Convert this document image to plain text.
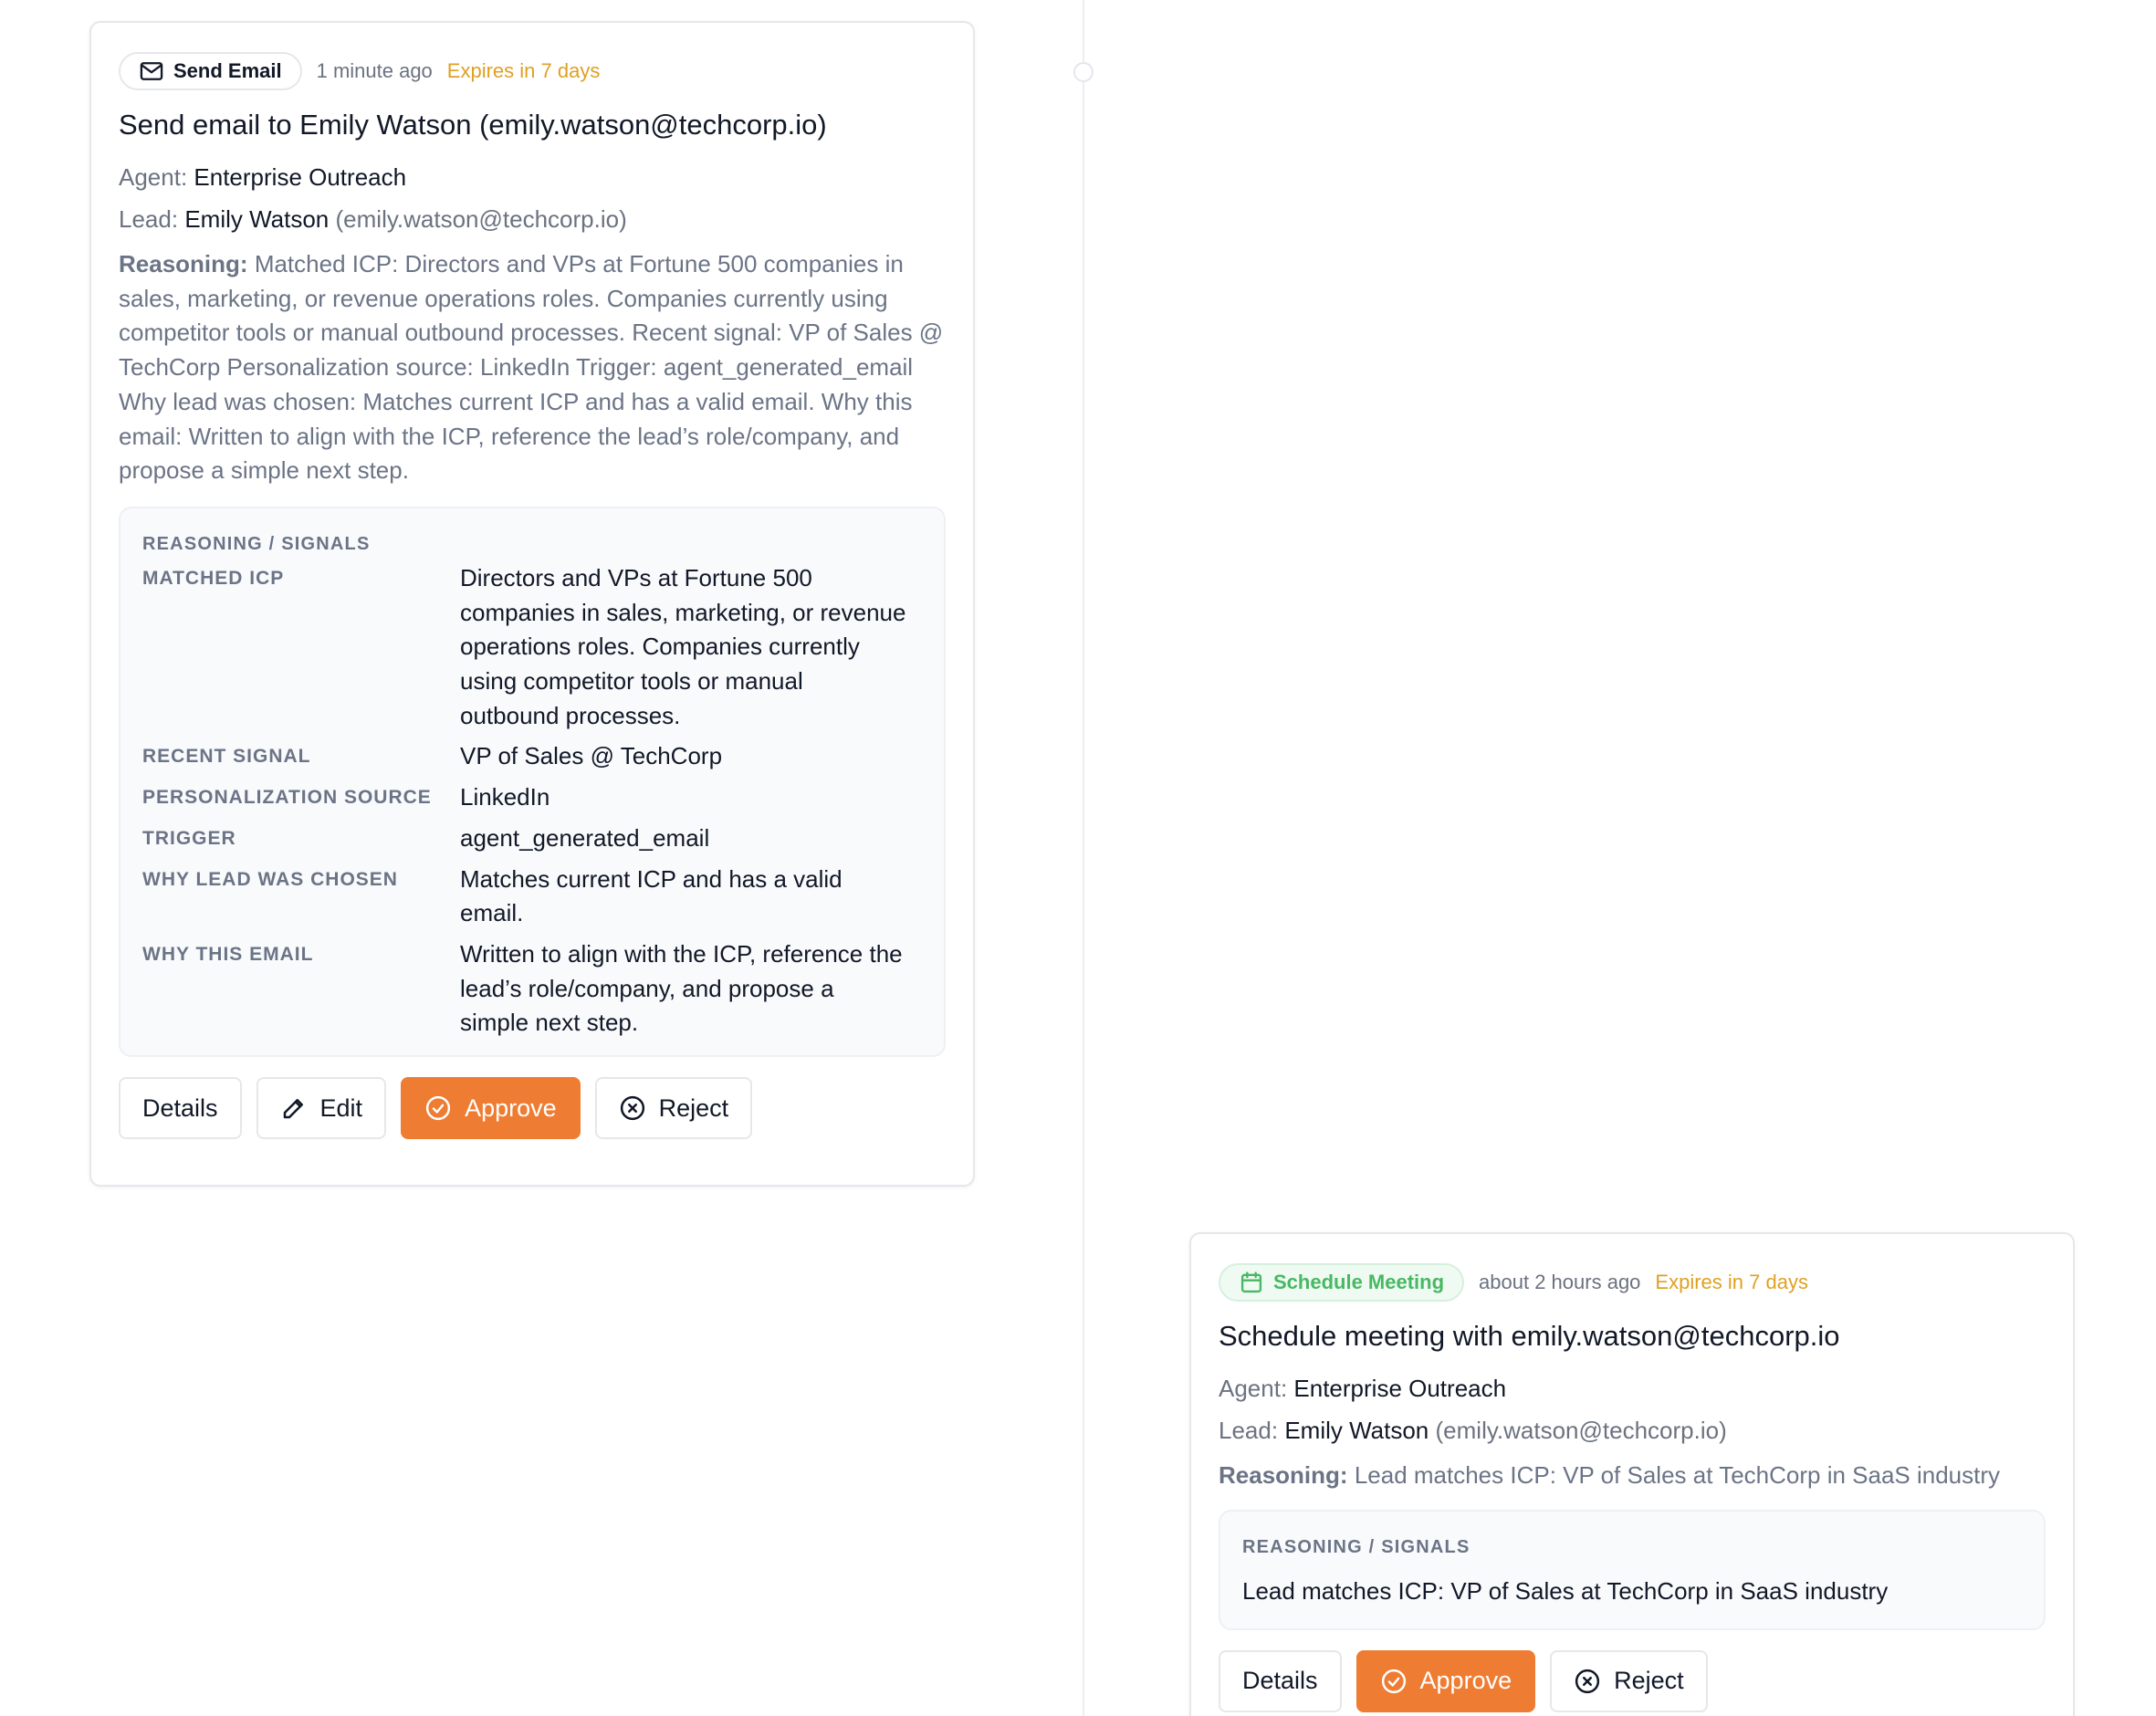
Send Email 1 minute ago Expires in 7 days
Send email to Emily Watson (emily.watson@techcorp.io)
Agent: Enterprise Outreach
Lead: Emily Watson (emily.watson@techcorp.io)
Reasoning: Matched ICP: Directors and VPs at Fortune 500 companies in sales, marketing, or revenue operations roles. Companies currently using competitor tools or manual outbound processes. Recent signal: VP of Sales @ TechCorp Personalization source: LinkedIn Trigger: agent_generated_email Why lead was chosen: Matches current ICP and has a valid email. Why this email: Written to align with the ICP, reference the lead’s role/company, and propose a simple next step.
REASONING / SIGNALS
MATCHED ICP	Directors and VPs at Fortune 500 companies in sales, marketing, or revenue operations roles. Companies currently using competitor tools or manual outbound processes.
RECENT SIGNAL	VP of Sales @ TechCorp
PERSONALIZATION SOURCE	LinkedIn
TRIGGER	agent_generated_email
WHY LEAD WAS CHOSEN	Matches current ICP and has a valid email.
WHY THIS EMAIL	Written to align with the ICP, reference the lead’s role/company, and propose a simple next step.
Details	Edit	Approve	Reject
Schedule Meeting about 2 hours ago Expires in 7 days
Schedule meeting with emily.watson@techcorp.io
Agent: Enterprise Outreach
Lead: Emily Watson (emily.watson@techcorp.io)
Reasoning: Lead matches ICP: VP of Sales at TechCorp in SaaS industry
REASONING / SIGNALS
Lead matches ICP: VP of Sales at TechCorp in SaaS industry
Details	Approve	Reject
